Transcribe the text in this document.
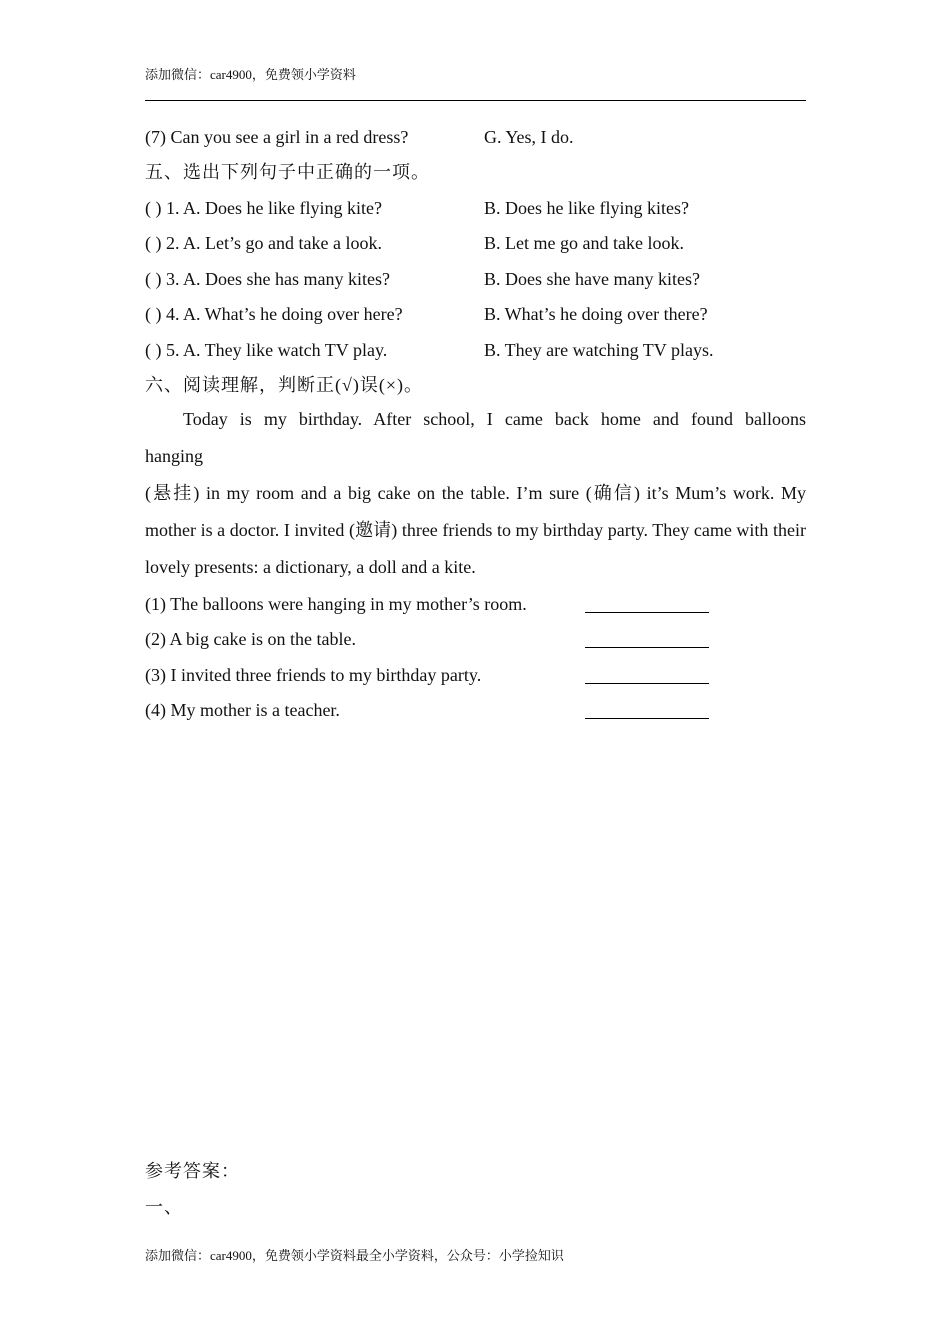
添加微信：car4900，免费领小学资料
(7) Can you see a girl in a red dress?	G. Yes, I do.
五、选出下列句子中正确的一项。
( ) 1. A. Does he like flying kite?	B. Does he like flying kites?
( ) 2. A. Let’s go and take a look.	B. Let me go and take look.
( ) 3. A. Does she has many kites?	B. Does she have many kites?
( ) 4. A. What’s he doing over here?	B. What’s he doing over there?
( ) 5. A. They like watch TV play.	B. They are watching TV plays.
六、阅读理解，判断正(√)误(×)。

Today is my birthday. After school, I came back home and found balloons

hanging

(悬挂) in my room and a big cake on the table. I’m sure (确信) it’s Mum’s work. My mother is a doctor. I invited (邀请) three friends to my birthday party. They came with their lovely presents: a dictionary, a doll and a kite.

(1) The balloons were hanging in my mother’s room.
(2) A big cake is on the table.
(3) I invited three friends to my birthday party.
(4) My mother is a teacher.
参考答案：
一、
添加微信：car4900，免费领小学资料最全小学资料，公众号：小学捡知识
